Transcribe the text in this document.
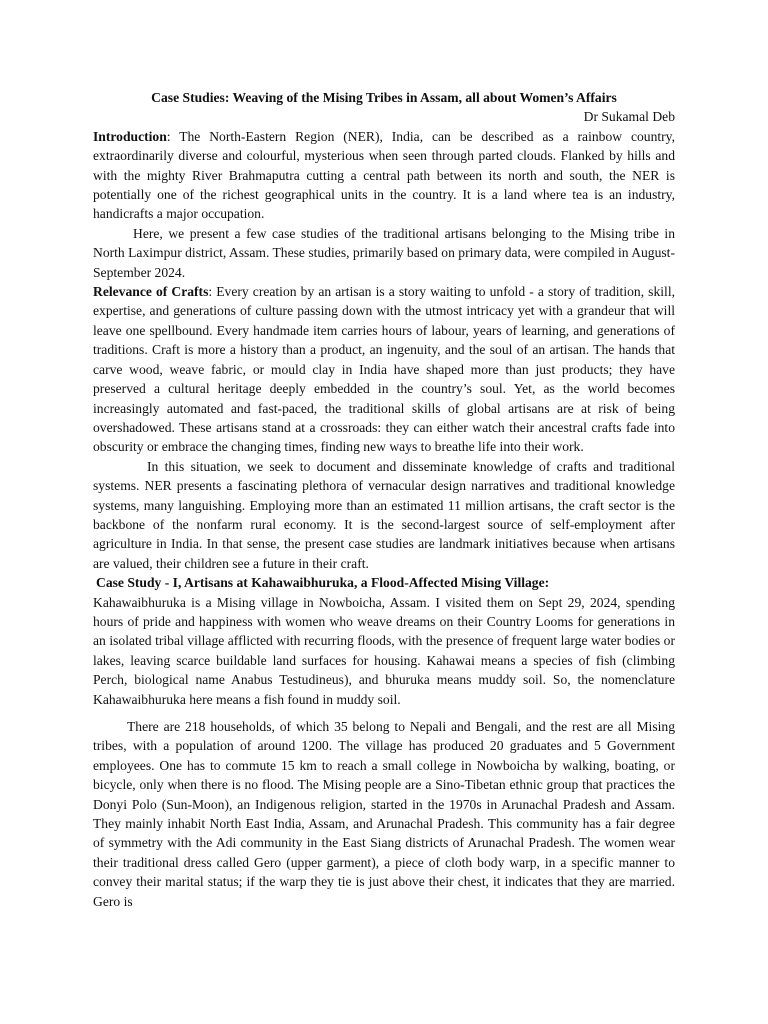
Case Studies: Weaving of the Mising Tribes in Assam, all about Women’s Affairs

Dr Sukamal Deb

Introduction: The North-Eastern Region (NER), India, can be described as a rainbow country, extraordinarily diverse and colourful, mysterious when seen through parted clouds. Flanked by hills and with the mighty River Brahmaputra cutting a central path between its north and south, the NER is potentially one of the richest geographical units in the country. It is a land where tea is an industry, handicrafts a major occupation.

Here, we present a few case studies of the traditional artisans belonging to the Mising tribe in North Laximpur district, Assam. These studies, primarily based on primary data, were compiled in August-September 2024.

Relevance of Crafts: Every creation by an artisan is a story waiting to unfold - a story of tradition, skill, expertise, and generations of culture passing down with the utmost intricacy yet with a grandeur that will leave one spellbound. Every handmade item carries hours of labour, years of learning, and generations of traditions. Craft is more a history than a product, an ingenuity, and the soul of an artisan. The hands that carve wood, weave fabric, or mould clay in India have shaped more than just products; they have preserved a cultural heritage deeply embedded in the country’s soul. Yet, as the world becomes increasingly automated and fast-paced, the traditional skills of global artisans are at risk of being overshadowed. These artisans stand at a crossroads: they can either watch their ancestral crafts fade into obscurity or embrace the changing times, finding new ways to breathe life into their work.

In this situation, we seek to document and disseminate knowledge of crafts and traditional systems. NER presents a fascinating plethora of vernacular design narratives and traditional knowledge systems, many languishing. Employing more than an estimated 11 million artisans, the craft sector is the backbone of the nonfarm rural economy. It is the second-largest source of self-employment after agriculture in India. In that sense, the present case studies are landmark initiatives because when artisans are valued, their children see a future in their craft.

Case Study - I, Artisans at Kahawaibhuruka, a Flood-Affected Mising Village:

Kahawaibhuruka is a Mising village in Nowboicha, Assam. I visited them on Sept 29, 2024, spending hours of pride and happiness with women who weave dreams on their Country Looms for generations in an isolated tribal village afflicted with recurring floods, with the presence of frequent large water bodies or lakes, leaving scarce buildable land surfaces for housing. Kahawai means a species of fish (climbing Perch, biological name Anabus Testudineus), and bhuruka means muddy soil. So, the nomenclature Kahawaibhuruka here means a fish found in muddy soil.

There are 218 households, of which 35 belong to Nepali and Bengali, and the rest are all Mising tribes, with a population of around 1200. The village has produced 20 graduates and 5 Government employees. One has to commute 15 km to reach a small college in Nowboicha by walking, boating, or bicycle, only when there is no flood. The Mising people are a Sino-Tibetan ethnic group that practices the Donyi Polo (Sun-Moon), an Indigenous religion, started in the 1970s in Arunachal Pradesh and Assam. They mainly inhabit North East India, Assam, and Arunachal Pradesh. This community has a fair degree of symmetry with the Adi community in the East Siang districts of Arunachal Pradesh. The women wear their traditional dress called Gero (upper garment), a piece of cloth body warp, in a specific manner to convey their marital status; if the warp they tie is just above their chest, it indicates that they are married. Gero is
